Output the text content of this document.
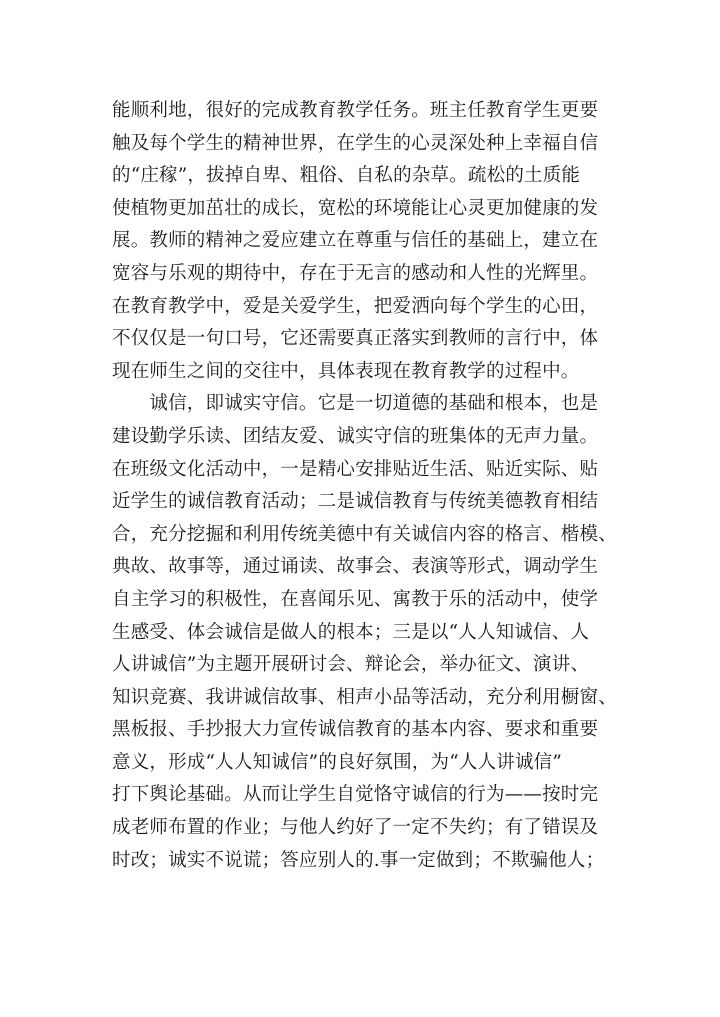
能顺利地，很好的完成教育教学任务。班主任教育学生更要
触及每个学生的精神世界，在学生的心灵深处种上幸福自信
的“庄稼”，拔掉自卑、粗俗、自私的杂草。疏松的土质能
使植物更加茁壮的成长，宽松的环境能让心灵更加健康的发
展。教师的精神之爱应建立在尊重与信任的基础上，建立在
宽容与乐观的期待中，存在于无言的感动和人性的光辉里。
在教育教学中，爱是关爱学生，把爱洒向每个学生的心田，
不仅仅是一句口号，它还需要真正落实到教师的言行中，体
现在师生之间的交往中，具体表现在教育教学的过程中。
　　诚信，即诚实守信。它是一切道德的基础和根本，也是
建设勤学乐读、团结友爱、诚实守信的班集体的无声力量。
在班级文化活动中，一是精心安排贴近生活、贴近实际、贴
近学生的诚信教育活动；二是诚信教育与传统美德教育相结
合，充分挖掘和利用传统美德中有关诚信内容的格言、楷模、
典故、故事等，通过诵读、故事会、表演等形式，调动学生
自主学习的积极性，在喜闻乐见、寓教于乐的活动中，使学
生感受、体会诚信是做人的根本；三是以“人人知诚信、人
人讲诚信”为主题开展研讨会、辩论会，举办征文、演讲、
知识竞赛、我讲诚信故事、相声小品等活动，充分利用橱窗、
黑板报、手抄报大力宣传诚信教育的基本内容、要求和重要
意义，形成“人人知诚信”的良好氛围，为“人人讲诚信”
打下舆论基础。从而让学生自觉恪守诚信的行为——按时完
成老师布置的作业；与他人约好了一定不失约；有了错误及
时改；诚实不说谎；答应别人的.事一定做到；不欺骗他人；
